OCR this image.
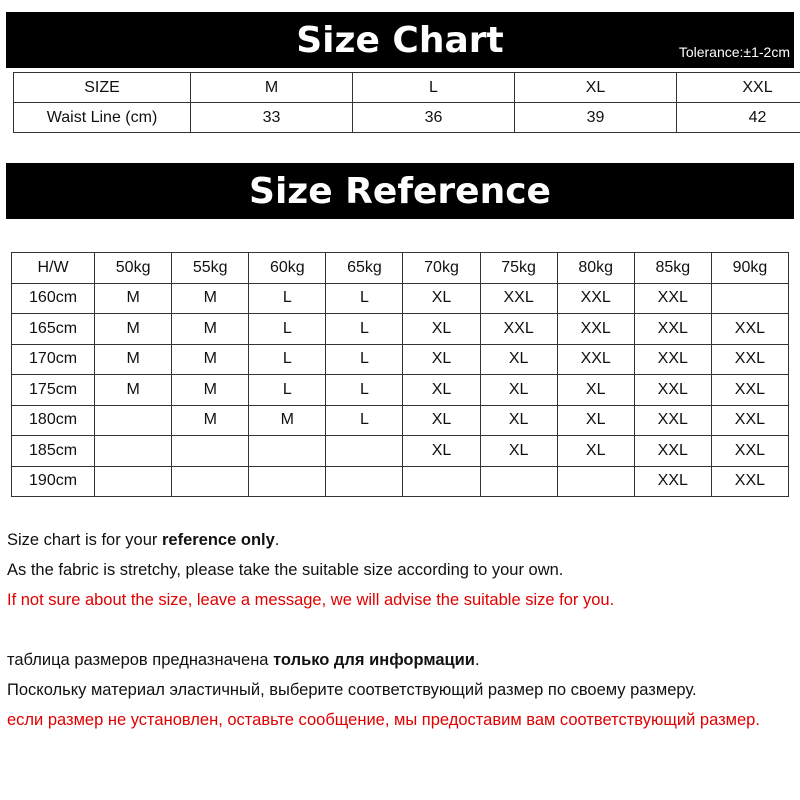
Size Chart	Tolerance:±1-2cm
SIZE	M	L	XL	XXL
Waist Line (cm)	33	36	39	42
Size Reference
H/W	50kg	55kg	60kg	65kg	70kg	75kg	80kg	85kg	90kg
160cm	M	M	L	L	XL	XXL	XXL	XXL	
165cm	M	M	L	L	XL	XXL	XXL	XXL	XXL
170cm	M	M	L	L	XL	XL	XXL	XXL	XXL
175cm	M	M	L	L	XL	XL	XL	XXL	XXL
180cm		M	M	L	XL	XL	XL	XXL	XXL
185cm					XL	XL	XL	XXL	XXL
190cm								XXL	XXL

Size chart is for your reference only.

As the fabric is stretchy, please take the suitable size according to your own.

If not sure about the size, leave a message, we will advise the suitable size for you.

таблица размеров предназначена только для информации.

Поскольку материал эластичный, выберите соответствующий размер по своему размеру.

если размер не установлен, оставьте сообщение, мы предоставим вам соответствующий размер.
